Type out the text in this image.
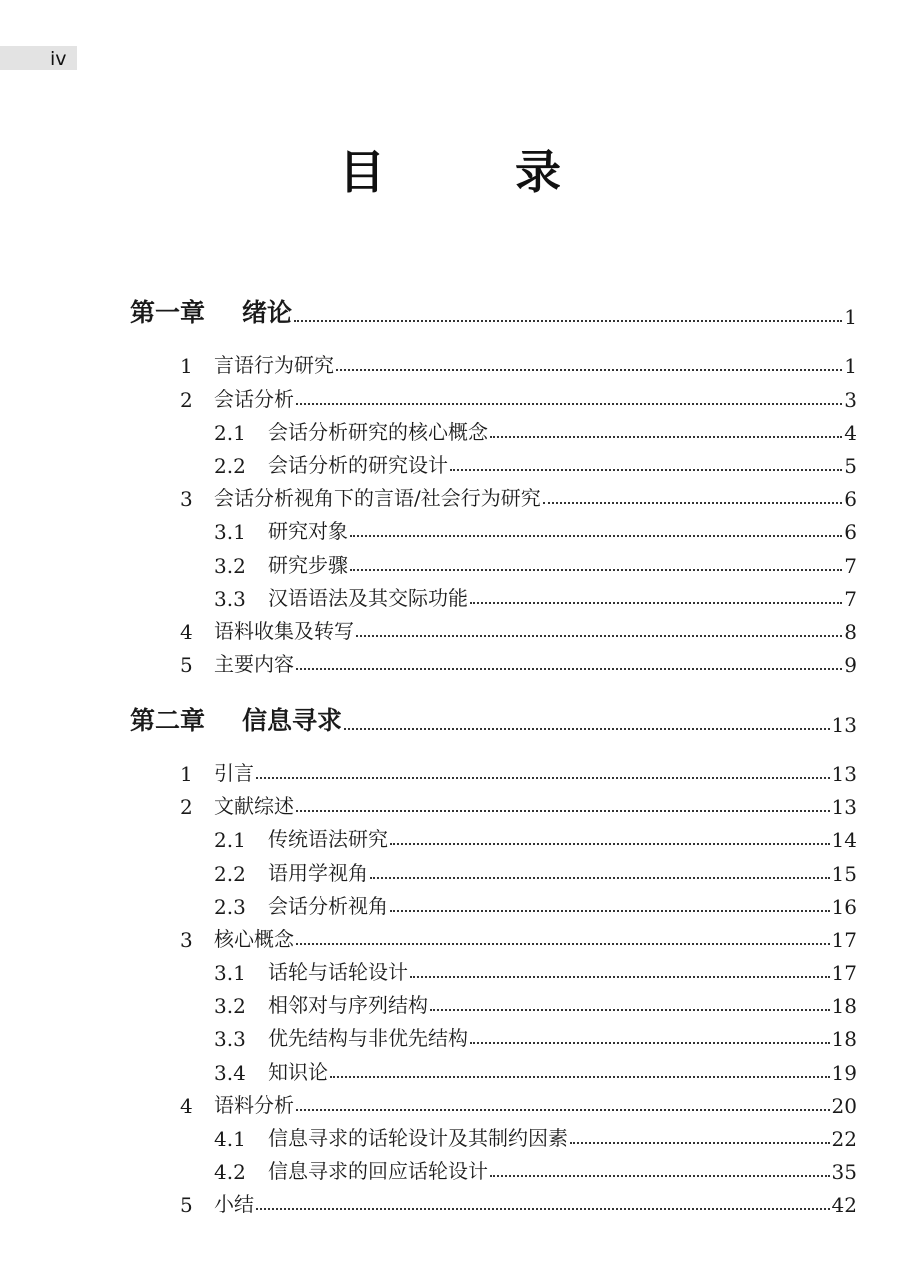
iv
目　录
第一章	绪论	1
1	言语行为研究	1
2	会话分析	3
2.1	会话分析研究的核心概念	4
2.2	会话分析的研究设计	5
3	会话分析视角下的言语/社会行为研究	6
3.1	研究对象	6
3.2	研究步骤	7
3.3	汉语语法及其交际功能	7
4	语料收集及转写	8
5	主要内容	9
第二章	信息寻求	13
1	引言	13
2	文献综述	13
2.1	传统语法研究	14
2.2	语用学视角	15
2.3	会话分析视角	16
3	核心概念	17
3.1	话轮与话轮设计	17
3.2	相邻对与序列结构	18
3.3	优先结构与非优先结构	18
3.4	知识论	19
4	语料分析	20
4.1	信息寻求的话轮设计及其制约因素	22
4.2	信息寻求的回应话轮设计	35
5	小结	42
